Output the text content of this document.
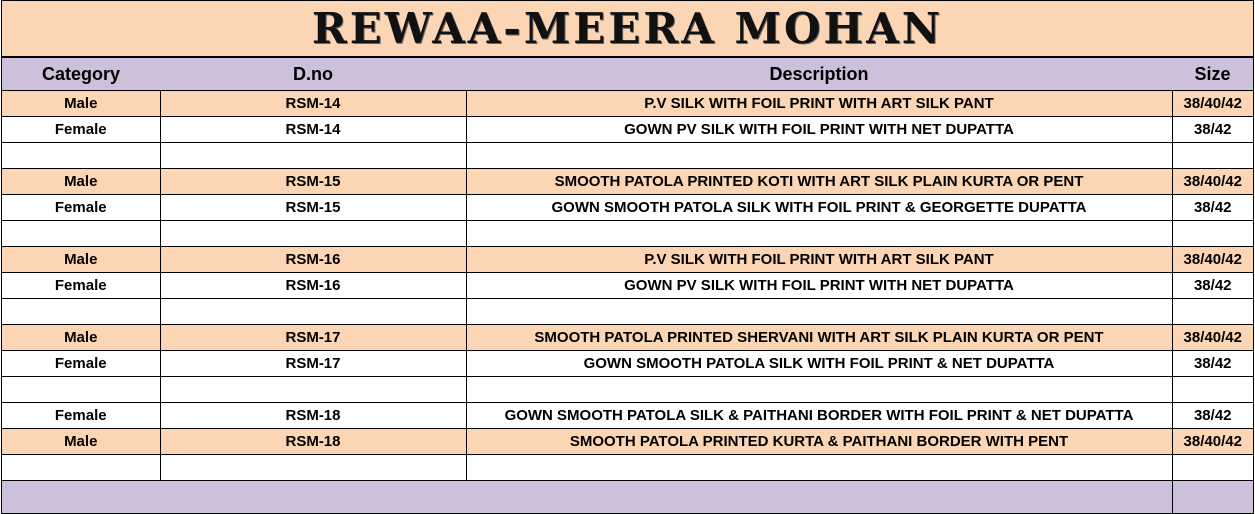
REWAA-MEERA MOHAN
Category	D.no	Description	Size
Male	RSM-14	P.V SILK WITH FOIL PRINT WITH ART SILK PANT	38/40/42
Female	RSM-14	GOWN PV SILK WITH FOIL PRINT WITH NET DUPATTA	38/42

Male	RSM-15	SMOOTH PATOLA PRINTED KOTI WITH ART SILK PLAIN KURTA OR PENT	38/40/42
Female	RSM-15	GOWN SMOOTH PATOLA SILK WITH FOIL PRINT & GEORGETTE DUPATTA	38/42

Male	RSM-16	P.V SILK WITH FOIL PRINT WITH ART SILK PANT	38/40/42
Female	RSM-16	GOWN PV SILK WITH FOIL PRINT WITH NET DUPATTA	38/42

Male	RSM-17	SMOOTH PATOLA PRINTED SHERVANI WITH ART SILK PLAIN KURTA OR PENT	38/40/42
Female	RSM-17	GOWN SMOOTH PATOLA SILK WITH FOIL PRINT & NET DUPATTA	38/42

Female	RSM-18	GOWN SMOOTH PATOLA SILK & PAITHANI BORDER WITH FOIL PRINT & NET DUPATTA	38/42
Male	RSM-18	SMOOTH PATOLA PRINTED KURTA & PAITHANI BORDER WITH PENT	38/40/42
